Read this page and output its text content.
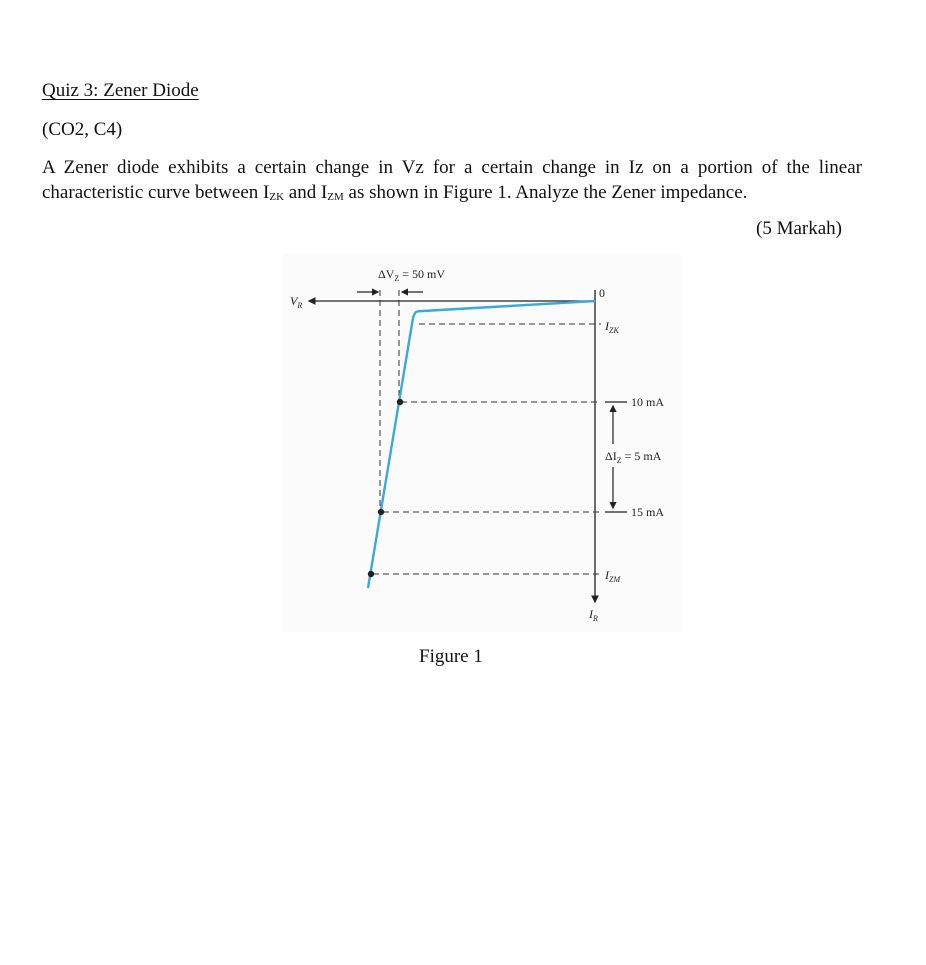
Quiz 3: Zener Diode
(CO2, C4)
A Zener diode exhibits a certain change in Vz for a certain change in Iz on a portion of the linear characteristic curve between $I_{ZK}$ and $I_{ZM}$ as shown in Figure 1. Analyze the Zener impedance.
(5 Markah)
$\Delta V_Z = 50$ mV
$V_R$
0
$I_{ZK}$
10 mA
$\Delta I_Z = 5$ mA
15 mA
$I_{ZM}$
$I_R$
Figure 1
